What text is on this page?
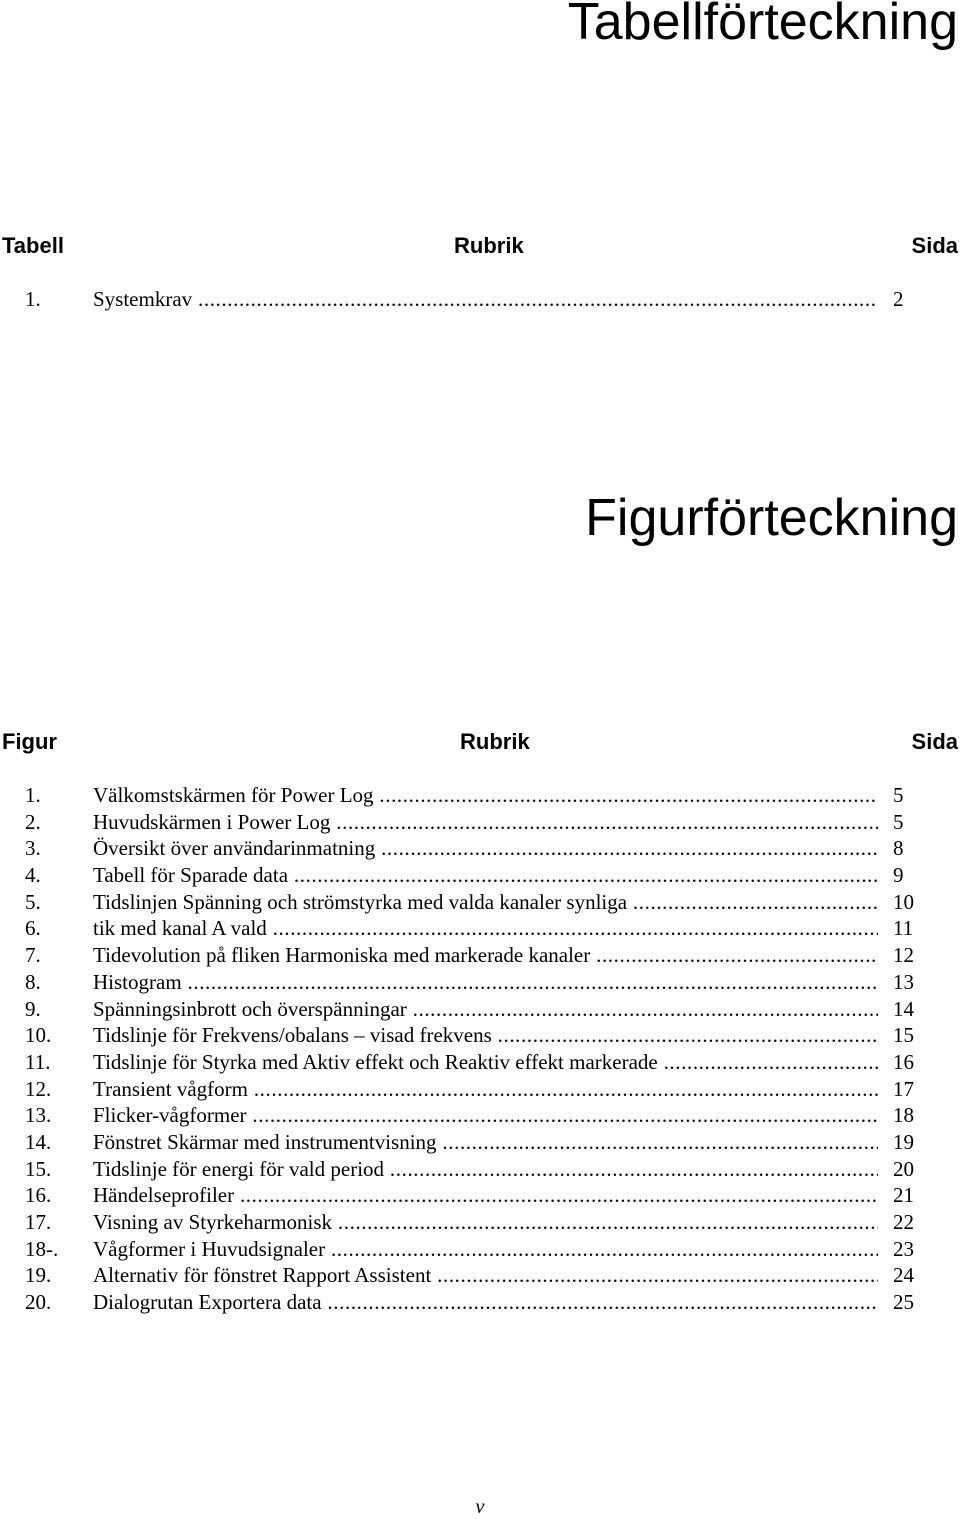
Tabellförteckning
Tabell	Rubrik	Sida
1. Systemkrav .....	2
Figurförteckning
Figur	Rubrik	Sida
1. Välkomstskärmen för Power Log .....	5
2. Huvudskärmen i Power Log .....	5
3. Översikt över användarinmatning .....	8
4. Tabell för Sparade data .....	9
5. Tidslinjen Spänning och strömstyrka med valda kanaler synliga .....	10
6. tik med kanal A vald .....	11
7. Tidevolution på fliken Harmoniska med markerade kanaler .....	12
8. Histogram .....	13
9. Spänningsinbrott och överspänningar .....	14
10. Tidslinje för Frekvens/obalans – visad frekvens .....	15
11. Tidslinje för Styrka med Aktiv effekt och Reaktiv effekt markerade .....	16
12. Transient vågform .....	17
13. Flicker-vågformer .....	18
14. Fönstret Skärmar med instrumentvisning .....	19
15. Tidslinje för energi för vald period .....	20
16. Händelseprofiler .....	21
17. Visning av Styrkeharmonisk .....	22
18-. Vågformer i Huvudsignaler .....	23
19. Alternativ för fönstret Rapport Assistent .....	24
20. Dialogrutan Exportera data .....	25
v
